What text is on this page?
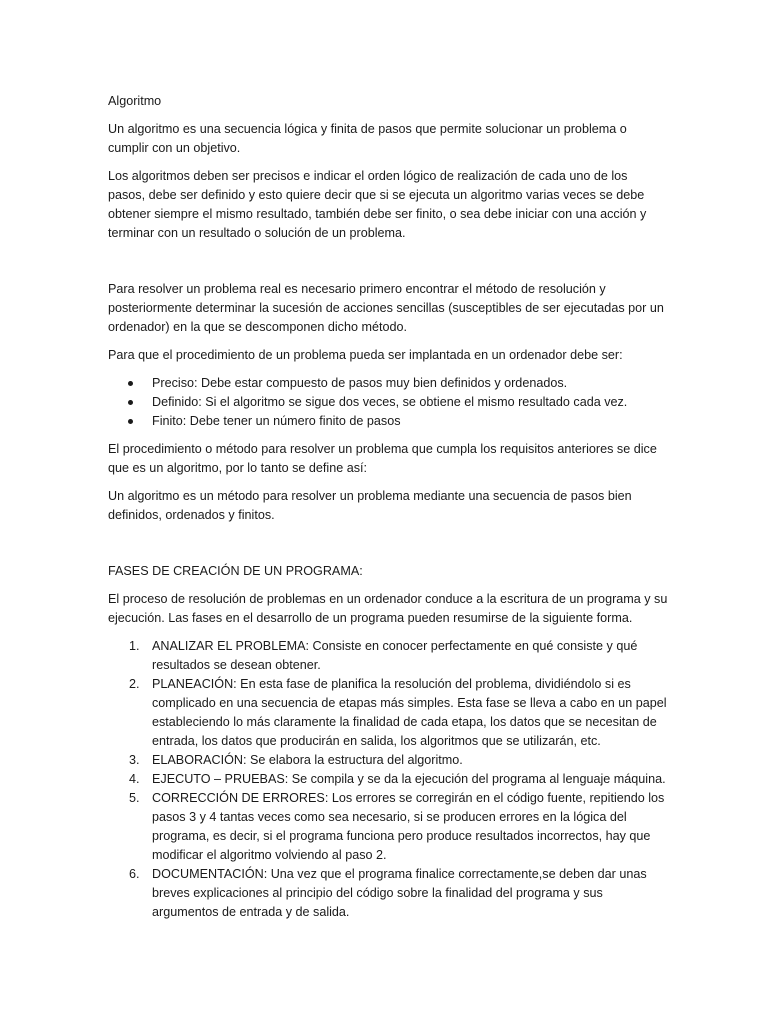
Algoritmo

Un algoritmo es una secuencia lógica y finita de pasos que permite solucionar un problema o cumplir con un objetivo.

Los algoritmos deben ser precisos e indicar el orden lógico de realización de cada uno de los pasos, debe ser definido y esto quiere decir que si se ejecuta un algoritmo varias veces se debe obtener siempre el mismo resultado, también debe ser finito, o sea debe iniciar con una acción y terminar con un resultado o solución de un problema.

Para resolver un problema real es necesario primero encontrar el método de resolución y posteriormente determinar la sucesión de acciones sencillas (susceptibles de ser ejecutadas por un ordenador) en la que se descomponen dicho método.

Para que el procedimiento de un problema pueda ser implantada en un ordenador debe ser:

Preciso: Debe estar compuesto de pasos muy bien definidos y ordenados.
Definido: Si el algoritmo se sigue dos veces, se obtiene el mismo resultado cada vez.
Finito: Debe tener un número finito de pasos

El procedimiento o método para resolver un problema que cumpla los requisitos anteriores se dice que es un algoritmo, por lo tanto se define así:

Un algoritmo es un método para resolver un problema mediante una secuencia de pasos bien definidos, ordenados y finitos.

FASES DE CREACIÓN DE UN PROGRAMA:

El proceso de resolución de problemas en un ordenador conduce a la escritura de un programa y su ejecución. Las fases en el desarrollo de un programa pueden resumirse de la siguiente forma.

1. ANALIZAR EL PROBLEMA: Consiste en conocer perfectamente en qué consiste y qué resultados se desean obtener.
2. PLANEACIÓN: En esta fase de planifica la resolución del problema, dividiéndolo si es complicado en una secuencia de etapas más simples. Esta fase se lleva a cabo en un papel estableciendo lo más claramente la finalidad de cada etapa, los datos que se necesitan de entrada, los datos que producirán en salida, los algoritmos que se utilizarán, etc.
3. ELABORACIÓN: Se elabora la estructura del algoritmo.
4. EJECUTO – PRUEBAS: Se compila y se da la ejecución del programa al lenguaje máquina.
5. CORRECCIÓN DE ERRORES: Los errores se corregirán en el código fuente, repitiendo los pasos 3 y 4 tantas veces como sea necesario, si se producen errores en la lógica del programa, es decir, si el programa funciona pero produce resultados incorrectos, hay que modificar el algoritmo volviendo al paso 2.
6. DOCUMENTACIÓN: Una vez que el programa finalice correctamente,se deben dar unas breves explicaciones al principio del código sobre la finalidad del programa y sus argumentos de entrada y de salida.
